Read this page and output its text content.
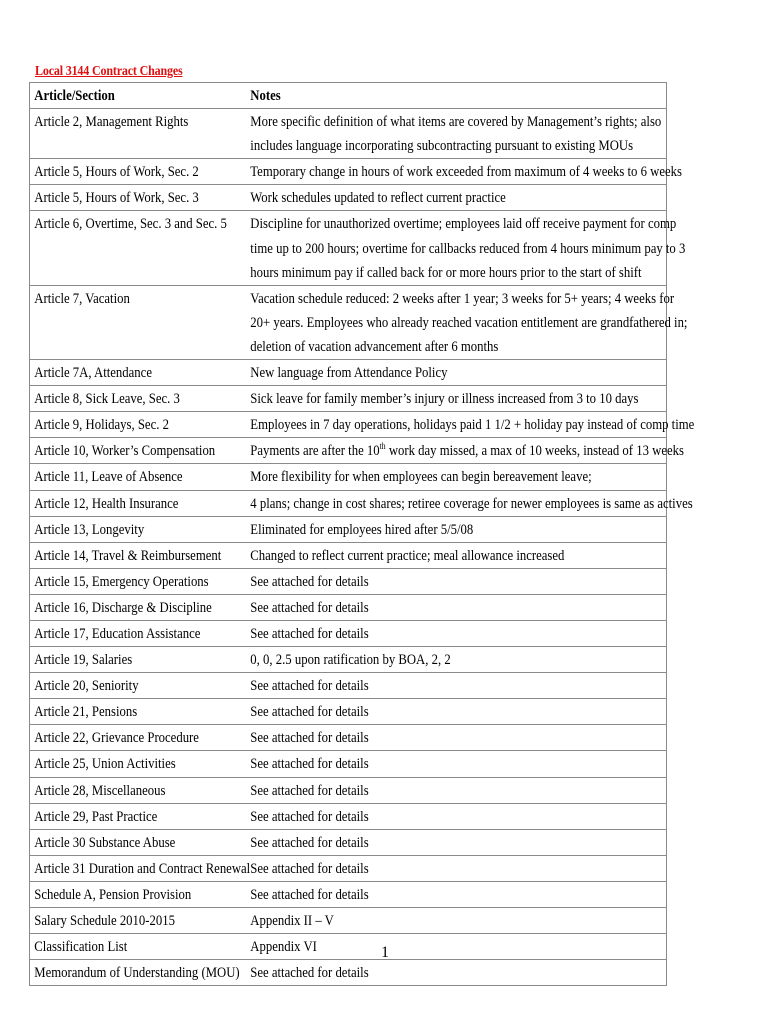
Local 3144 Contract Changes
Article/Section	Notes
Article 2, Management Rights	More specific definition of what items are covered by Management’s rights; also
includes language incorporating subcontracting pursuant to existing MOUs

Article 5, Hours of Work, Sec. 2	Temporary change in hours of work exceeded from maximum of 4 weeks to 6 weeks

Article 5, Hours of Work, Sec. 3	Work schedules updated to reflect current practice

Article 6, Overtime, Sec. 3 and Sec. 5	Discipline for unauthorized overtime; employees laid off receive payment for comp
time up to 200 hours; overtime for callbacks reduced from 4 hours minimum pay to 3
hours minimum pay if called back for or more hours prior to the start of shift

Article 7, Vacation	Vacation schedule reduced: 2 weeks after 1 year; 3 weeks for 5+ years; 4 weeks for
20+ years. Employees who already reached vacation entitlement are grandfathered in;
deletion of vacation advancement after 6 months

Article 7A, Attendance	New language from Attendance Policy

Article 8, Sick Leave, Sec. 3	Sick leave for family member’s injury or illness increased from 3 to 10 days

Article 9, Holidays, Sec. 2	Employees in 7 day operations, holidays paid 1 1/2 + holiday pay instead of comp time

Article 10, Worker’s Compensation	Payments are after the 10th work day missed, a max of 10 weeks, instead of 13 weeks

Article 11, Leave of Absence	More flexibility for when employees can begin bereavement leave;

Article 12, Health Insurance	4 plans; change in cost shares; retiree coverage for newer employees is same as actives

Article 13, Longevity	Eliminated for employees hired after 5/5/08

Article 14, Travel & Reimbursement	Changed to reflect current practice; meal allowance increased

Article 15, Emergency Operations	See attached for details

Article 16, Discharge & Discipline	See attached for details

Article 17, Education Assistance	See attached for details

Article 19, Salaries	0, 0, 2.5 upon ratification by BOA, 2, 2

Article 20, Seniority	See attached for details

Article 21, Pensions	See attached for details

Article 22, Grievance Procedure	See attached for details

Article 25, Union Activities	See attached for details

Article 28, Miscellaneous	See attached for details

Article 29, Past Practice	See attached for details

Article 30 Substance Abuse	See attached for details

Article 31 Duration and Contract Renewal	See attached for details

Schedule A, Pension Provision	See attached for details

Salary Schedule 2010-2015	Appendix II – V

Classification List	Appendix VI

Memorandum of Understanding (MOU)	See attached for details
1
